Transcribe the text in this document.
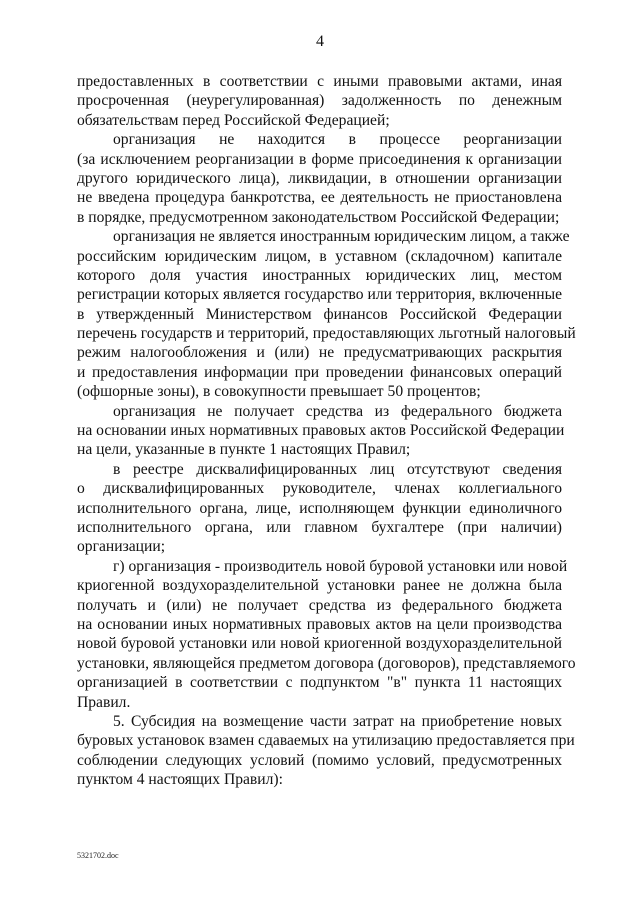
4
предоставленных в соответствии с иными правовыми актами, иная
просроченная (неурегулированная) задолженность по денежным
обязательствам перед Российской Федерацией;
организация не находится в процессе реорганизации
(за исключением реорганизации в форме присоединения к организации
другого юридического лица), ликвидации, в отношении организации
не введена процедура банкротства, ее деятельность не приостановлена
в порядке, предусмотренном законодательством Российской Федерации;
организация не является иностранным юридическим лицом, а также
российским юридическим лицом, в уставном (складочном) капитале
которого доля участия иностранных юридических лиц, местом
регистрации которых является государство или территория, включенные
в утвержденный Министерством финансов Российской Федерации
перечень государств и территорий, предоставляющих льготный налоговый
режим налогообложения и (или) не предусматривающих раскрытия
и предоставления информации при проведении финансовых операций
(офшорные зоны), в совокупности превышает 50 процентов;
организация не получает средства из федерального бюджета
на основании иных нормативных правовых актов Российской Федерации
на цели, указанные в пункте 1 настоящих Правил;
в реестре дисквалифицированных лиц отсутствуют сведения
о дисквалифицированных руководителе, членах коллегиального
исполнительного органа, лице, исполняющем функции единоличного
исполнительного органа, или главном бухгалтере (при наличии)
организации;
г) организация - производитель новой буровой установки или новой
криогенной воздухоразделительной установки ранее не должна была
получать и (или) не получает средства из федерального бюджета
на основании иных нормативных правовых актов на цели производства
новой буровой установки или новой криогенной воздухоразделительной
установки, являющейся предметом договора (договоров), представляемого
организацией в соответствии с подпунктом "в" пункта 11 настоящих
Правил.
5. Субсидия на возмещение части затрат на приобретение новых
буровых установок взамен сдаваемых на утилизацию предоставляется при
соблюдении следующих условий (помимо условий, предусмотренных
пунктом 4 настоящих Правил):
5321702.doc
